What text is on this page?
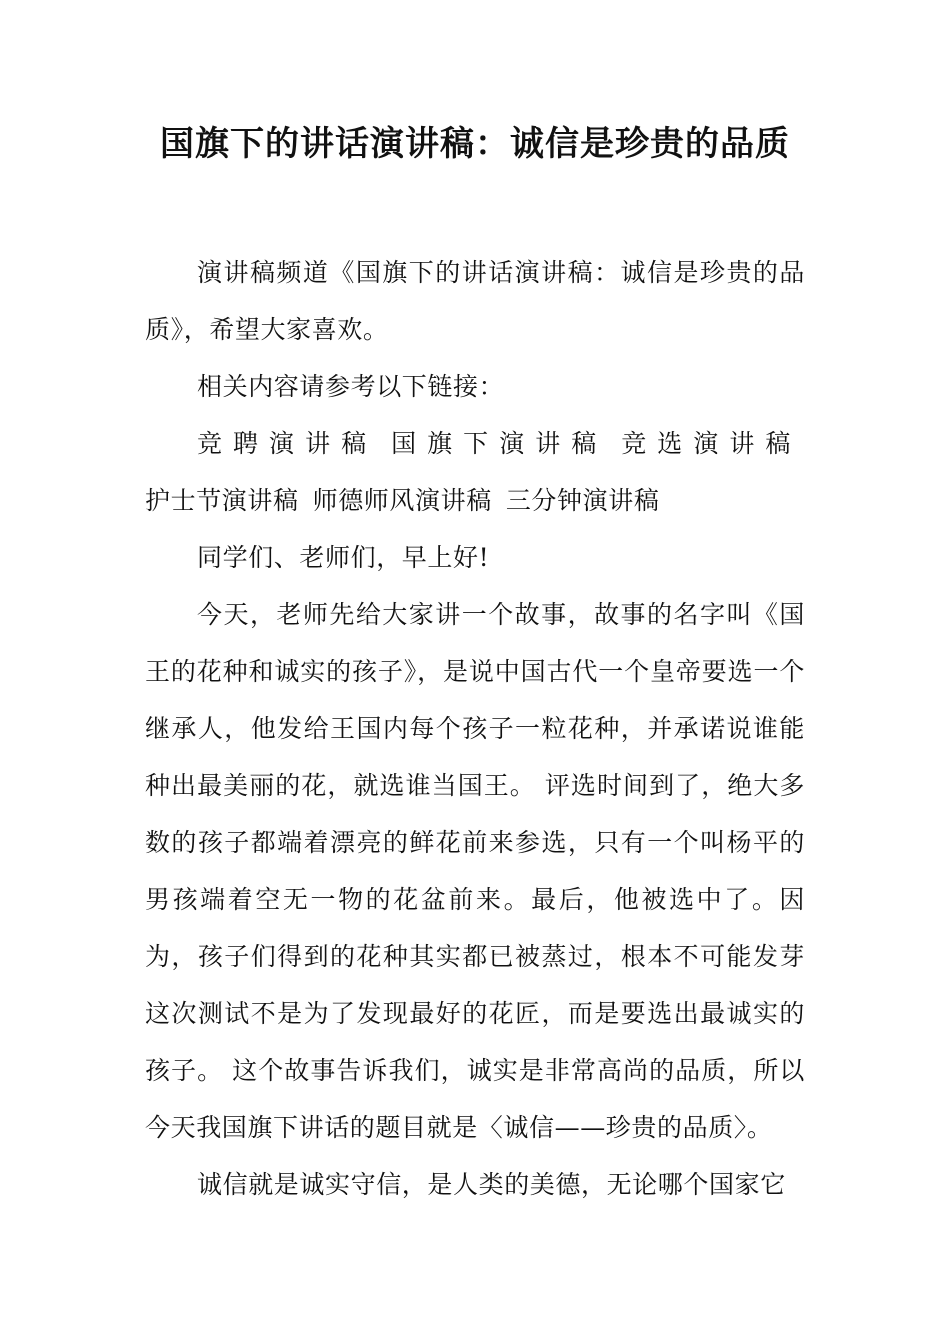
国旗下的讲话演讲稿：诚信是珍贵的品质

演讲稿频道《国旗下的讲话演讲稿：诚信是珍贵的品质》，希望大家喜欢。

相关内容请参考以下链接：

竞聘演讲稿 国旗下演讲稿 竞选演讲稿护士节演讲稿 师德师风演讲稿 三分钟演讲稿

同学们、老师们，早上好!

今天，老师先给大家讲一个故事，故事的名字叫《国王的花种和诚实的孩子》，是说中国古代一个皇帝要选一个继承人，他发给王国内每个孩子一粒花种，并承诺说谁能种出最美丽的花，就选谁当国王。 评选时间到了，绝大多数的孩子都端着漂亮的鲜花前来参选，只有一个叫杨平的男孩端着空无一物的花盆前来。最后，他被选中了。因为，孩子们得到的花种其实都已被蒸过，根本不可能发芽这次测试不是为了发现最好的花匠，而是要选出最诚实的孩子。 这个故事告诉我们，诚实是非常高尚的品质，所以今天我国旗下讲话的题目就是〈诚信——珍贵的品质〉。

诚信就是诚实守信，是人类的美德，无论哪个国家它
